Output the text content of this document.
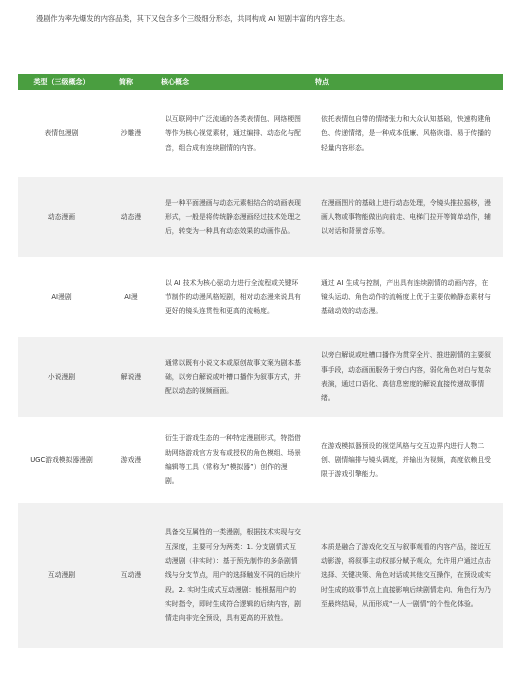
漫剧作为率先爆发的内容品类，其下又包含多个三级细分形态，共同构成 AI 短剧丰富的内容生态。
类型（三级概念）	简称	核心概念	特点
表情包漫剧	沙雕漫	以互联网中广泛流通的各类表情包、网络梗图等作为核心视觉素材，通过编排、动态化与配音，组合成有连续剧情的内容。	依托表情包自带的情绪张力和大众认知基础，快速构建角色、传递情绪，是一种成本低廉、风格诙谐、易于传播的轻量内容形态。
动态漫画	动态漫	是一种平面漫画与动态元素相结合的动画表现形式，一般是将传统静态漫画经过技术处理之后，转变为一种具有动态效果的动画作品。	在漫画图片的基础上进行动态处理，令镜头推拉摇移，漫画人物或事物能做出向前走、电梯门拉开等简单动作，辅以对话和背景音乐等。
AI漫剧	AI漫	以 AI 技术为核心驱动力进行全流程或关键环节制作的动漫风格短剧，相对动态漫来说具有更好的镜头连贯性和更高的流畅度。	通过 AI 生成与控制，产出具有连续剧情的动画内容，在镜头运动、角色动作的流畅度上优于主要依赖静态素材与基础动效的动态漫。
小说漫剧	解说漫	通常以既有小说文本或原创故事文案为剧本基础，以旁白解说或叶槽口播作为叙事方式，并配以动态的视频画面。	以旁白解说或吐槽口播作为贯穿全片、推进剧情的主要叙事手段，动态画面服务于旁白内容，弱化角色对白与复杂表演，通过口语化、高信息密度的解说直接传递故事情绪。
UGC游戏模拟器漫剧	游戏漫	衍生于游戏生态的一种特定漫剧形式，特指借助网络游戏官方发布或授权的角色模组、场景编辑等工具（常称为“模拟器”）创作的漫剧。	在游戏模拟器预设的视觉风格与交互边界内进行人物二创、剧情编排与镜头调度，并输出为视频，高度依赖且受限于游戏引擎能力。
互动漫剧	互动漫	具备交互属性的一类漫剧，根据技术实现与交互深度，主要可分为两类：1. 分支剧情式互动漫剧（非实时）：基于预先制作的多条剧情线与分支节点，用户的选择触发不同的后续片段。2. 实时生成式互动漫剧：能根据用户的实时指令，即时生成符合逻辑的后续内容，剧情走向非完全预设，具有更高的开放性。	本质是融合了游戏化交互与叙事观看的内容产品，接近互动影游，将叙事主动权部分赋予观众，允许用户通过点击选择、关键决策、角色对话或其他交互操作，在预设或实时生成的故事节点上直接影响后续剧情走向、角色行为乃至最终结局，从而形成“一人一剧情”的个性化体验。
